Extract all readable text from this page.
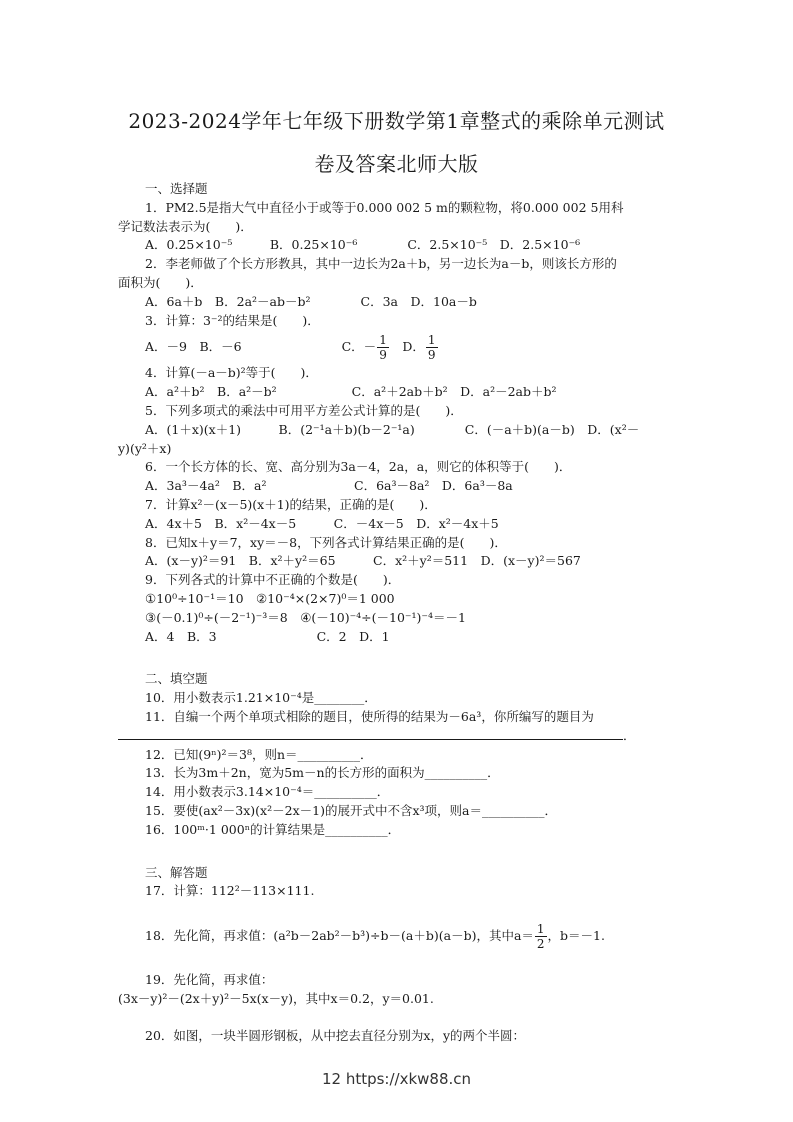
2023-2024学年七年级下册数学第1章整式的乘除单元测试
卷及答案北师大版
一、选择题
1．PM2.5是指大气中直径小于或等于0.000 002 5 m的颗粒物，将0.000 002 5用科
学记数法表示为(　　)．
A．0.25×10⁻⁵　　　B．0.25×10⁻⁶　　　　C．2.5×10⁻⁵　D．2.5×10⁻⁶
2．李老师做了个长方形教具，其中一边长为2a＋b，另一边长为a－b，则该长方形的
面积为(　　)．
A．6a＋b　B．2a²－ab－b²　　　　C．3a　D．10a－b
3．计算：3⁻²的结果是(　　)．
A．－9　B．－6　　　　　　　　C．－ $\frac{1}{9}$ 　D． $\frac{1}{9}$
4．计算(－a－b)²等于(　　)．
A．a²＋b²　B．a²－b²　　　　　　C．a²＋2ab＋b²　D．a²－2ab＋b²
5．下列多项式的乘法中可用平方差公式计算的是(　　)．
A．(1＋x)(x＋1)　　　B．(2⁻¹a＋b)(b－2⁻¹a)　　　　C．(－a＋b)(a－b)　D．(x²－
y)(y²＋x)
6．一个长方体的长、宽、高分别为3a－4，2a，a，则它的体积等于(　　)．
A．3a³－4a²　B．a²　　　　　　　C．6a³－8a²　D．6a³－8a
7．计算x²－(x－5)(x＋1)的结果，正确的是(　　)．
A．4x＋5　B．x²－4x－5　　　C．－4x－5　D．x²－4x＋5
8．已知x＋y＝7，xy＝－8，下列各式计算结果正确的是(　　)．
A．(x－y)²＝91　B．x²＋y²＝65　　　C．x²＋y²＝511　D．(x－y)²＝567
9．下列各式的计算中不正确的个数是(　　)．
①10⁰÷10⁻¹＝10　②10⁻⁴×(2×7)⁰＝1 000
③(－0.1)⁰÷(－2⁻¹)⁻³＝8　④(－10)⁻⁴÷(－10⁻¹)⁻⁴＝－1
A．4　B．3　　　　　　　　C．2　D．1
二、填空题
10．用小数表示1.21×10⁻⁴是________．
11．自编一个两个单项式相除的题目，使所得的结果为－6a³，你所编写的题目为
．
12．已知(9ⁿ)²＝3⁸，则n＝__________．
13．长为3m＋2n，宽为5m－n的长方形的面积为__________．
14．用小数表示3.14×10⁻⁴＝__________．
15．要使(ax²－3x)(x²－2x－1)的展开式中不含x³项，则a＝__________．
16．100ᵐ·1 000ⁿ的计算结果是__________．
三、解答题
17．计算：112²－113×111.
18．先化简，再求值：(a²b－2ab²－b³)÷b－(a＋b)(a－b)，其中$a= \frac{1}{2}$ ，b＝－1.
19．先化简，再求值：
(3x－y)²－(2x＋y)²－5x(x－y)，其中x＝0.2，y＝0.01.
20．如图，一块半圆形钢板，从中挖去直径分别为x，y的两个半圆：
12 https://xkw88.cn
